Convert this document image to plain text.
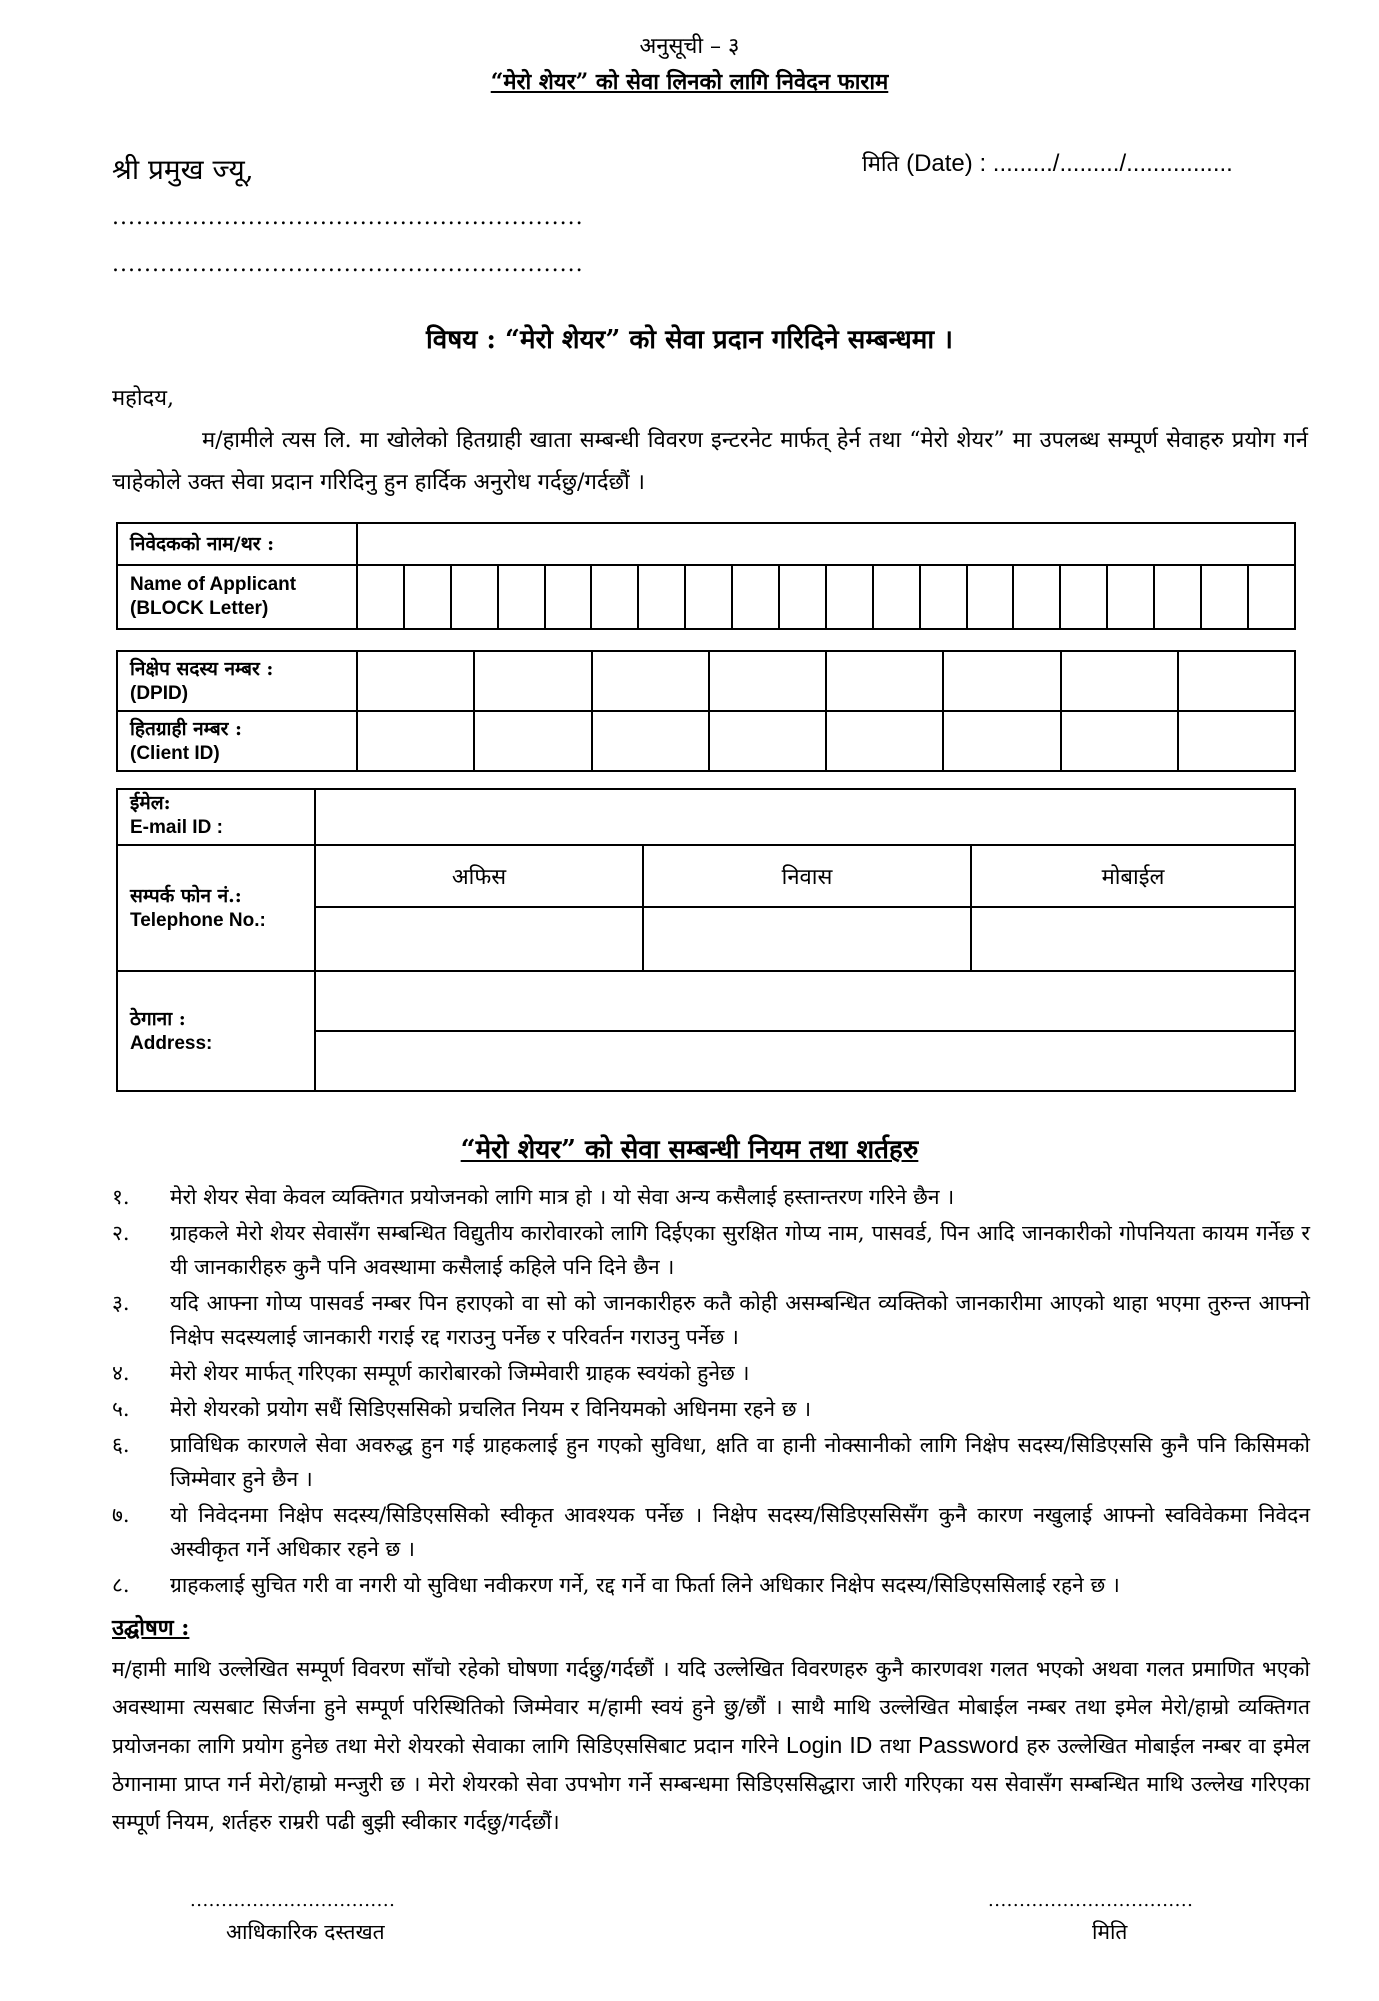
अनुसूची – ३
“मेरो शेयर” को सेवा लिनको लागि निवेदन फाराम
श्री प्रमुख ज्यू,	मिति (Date) : ........./........./................
...........................................................
...........................................................
विषय : “मेरो शेयर” को सेवा प्रदान गरिदिने सम्बन्धमा ।
महोदय,
म/हामीले त्यस लि. मा खोलेको हितग्राही खाता सम्बन्धी विवरण इन्टरनेट मार्फत् हेर्न तथा “मेरो शेयर” मा उपलब्ध सम्पूर्ण सेवाहरु प्रयोग गर्न चाहेकोले उक्त सेवा प्रदान गरिदिनु हुन हार्दिक अनुरोध गर्दछु/गर्दछौं ।
निवेदकको नाम/थर :																				
Name of Applicant
(BLOCK Letter)																				
निक्षेप सदस्य नम्बर :
(DPID)								
हितग्राही नम्बर :
(Client ID)								
ईमेल:
E-mail ID :			
सम्पर्क फोन नं.:
Telephone No.:	अफिस	निवास	मोबाईल

ठेगाना :
Address:			

“मेरो शेयर” को सेवा सम्बन्धी नियम तथा शर्तहरु
१.	मेरो शेयर सेवा केवल व्यक्तिगत प्रयोजनको लागि मात्र हो । यो सेवा अन्य कसैलाई हस्तान्तरण गरिने छैन ।
२.	ग्राहकले मेरो शेयर सेवासँग सम्बन्धित विद्युतीय कारोवारको लागि दिईएका सुरक्षित गोप्य नाम, पासवर्ड, पिन आदि जानकारीको गोपनियता कायम गर्नेछ र यी जानकारीहरु कुनै पनि अवस्थामा कसैलाई कहिले पनि दिने छैन ।
३.	यदि आफ्ना गोप्य पासवर्ड नम्बर पिन हराएको वा सो को जानकारीहरु कतै कोही असम्बन्धित व्यक्तिको जानकारीमा आएको थाहा भएमा तुरुन्त आफ्नो निक्षेप सदस्यलाई जानकारी गराई रद्द गराउनु पर्नेछ र परिवर्तन गराउनु पर्नेछ ।
४.	मेरो शेयर मार्फत् गरिएका सम्पूर्ण कारोबारको जिम्मेवारी ग्राहक स्वयंको हुनेछ ।
५.	मेरो शेयरको प्रयोग सधैं सिडिएससिको प्रचलित नियम र विनियमको अधिनमा रहने छ ।
६.	प्राविधिक कारणले सेवा अवरुद्ध हुन गई ग्राहकलाई हुन गएको सुविधा, क्षति वा हानी नोक्सानीको लागि निक्षेप सदस्य/सिडिएससि कुनै पनि किसिमको जिम्मेवार हुने छैन ।
७.	यो निवेदनमा निक्षेप सदस्य/सिडिएससिको स्वीकृत आवश्यक पर्नेछ । निक्षेप सदस्य/सिडिएससिसँग कुनै कारण नखुलाई आफ्नो स्वविवेकमा निवेदन अस्वीकृत गर्ने अधिकार रहने छ ।
८.	ग्राहकलाई सुचित गरी वा नगरी यो सुविधा नवीकरण गर्ने, रद्द गर्ने वा फिर्ता लिने अधिकार निक्षेप सदस्य/सिडिएससिलाई रहने छ ।
उद्घोषण :
म/हामी माथि उल्लेखित सम्पूर्ण विवरण साँचो रहेको घोषणा गर्दछु/गर्दछौं । यदि उल्लेखित विवरणहरु कुनै कारणवश गलत भएको अथवा गलत प्रमाणित भएको अवस्थामा त्यसबाट सिर्जना हुने सम्पूर्ण परिस्थितिको जिम्मेवार म/हामी स्वयं हुने छु/छौं । साथै माथि उल्लेखित मोबाईल नम्बर तथा इमेल मेरो/हाम्रो व्यक्तिगत प्रयोजनका लागि प्रयोग हुनेछ तथा मेरो शेयरको सेवाका लागि सिडिएससिबाट प्रदान गरिने Login ID तथा Password हरु उल्लेखित मोबाईल नम्बर वा इमेल ठेगानामा प्राप्त गर्न मेरो/हाम्रो मन्जुरी छ । मेरो शेयरको सेवा उपभोग गर्ने सम्बन्धमा सिडिएससिद्धारा जारी गरिएका यस सेवासँग सम्बन्धित माथि उल्लेख गरिएका सम्पूर्ण नियम, शर्तहरु राम्ररी पढी बुझी स्वीकार गर्दछु/गर्दछौं।
.................................
आधिकारिक दस्तखत
.................................
मिति
